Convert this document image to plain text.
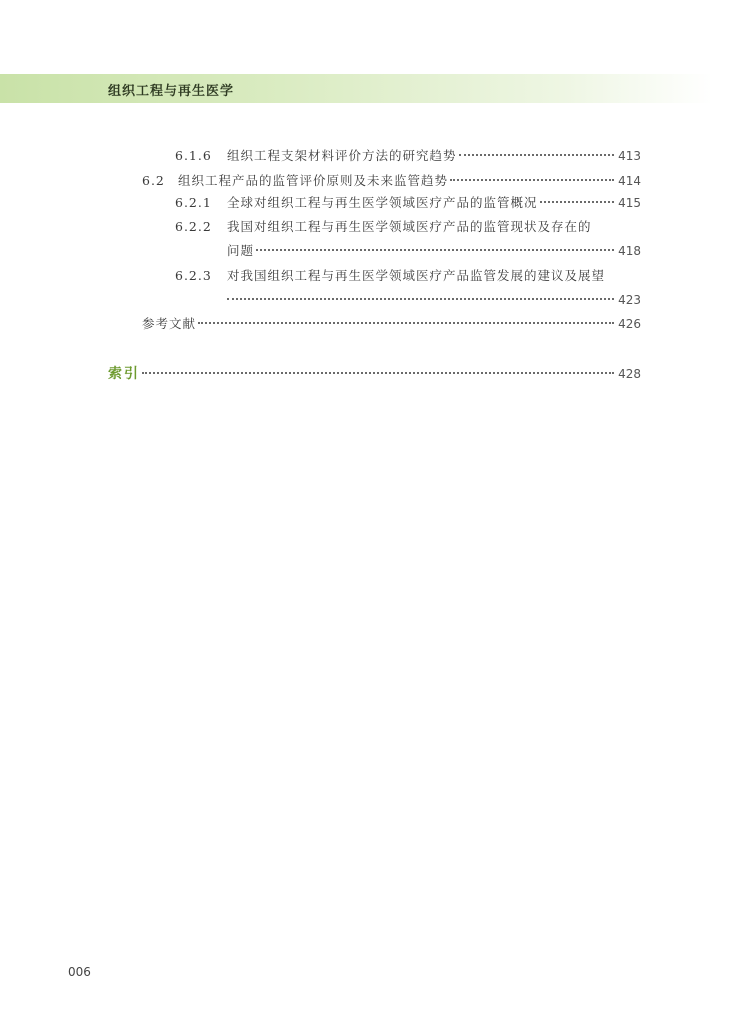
组织工程与再生医学
6.1.6	组织工程支架材料评价方法的研究趋势	413
6.2	组织工程产品的监管评价原则及未来监管趋势	414
6.2.1	全球对组织工程与再生医学领域医疗产品的监管概况	415
6.2.2	我国对组织工程与再生医学领域医疗产品的监管现状及存在的
问题	418
6.2.3	对我国组织工程与再生医学领域医疗产品监管发展的建议及展望
423
参考文献	426
索引	428
006
